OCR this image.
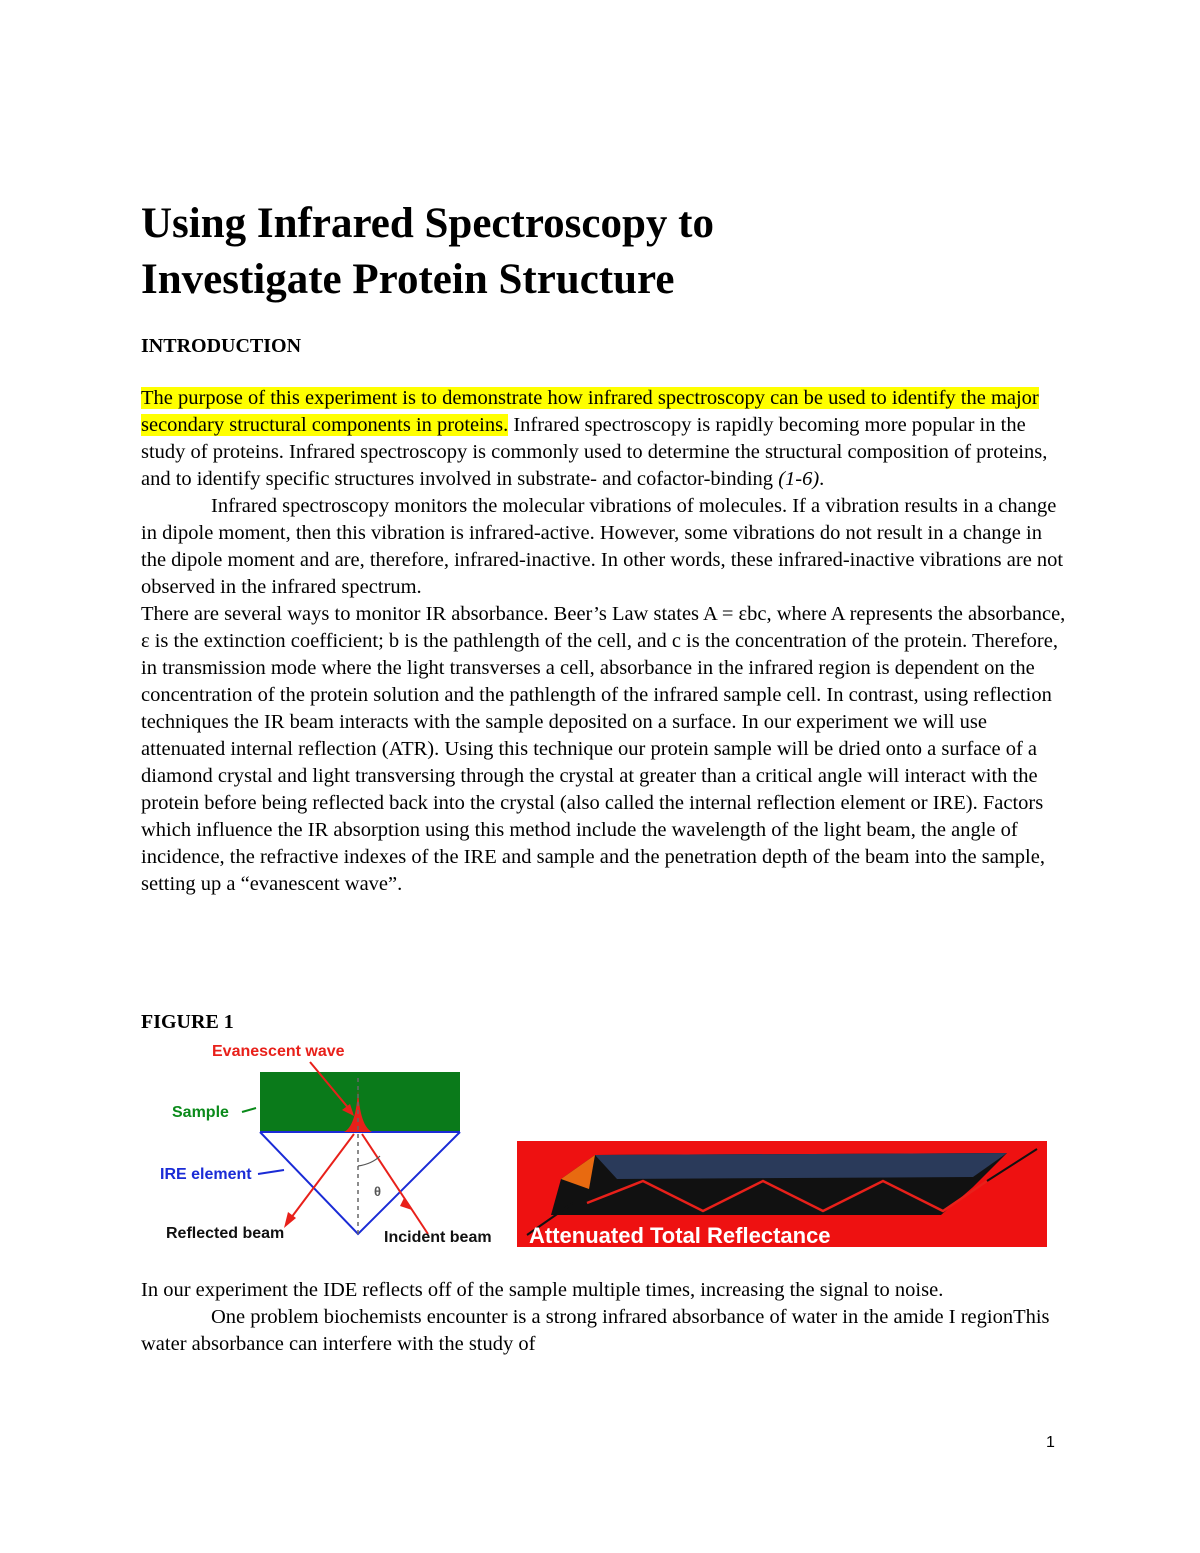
Using Infrared Spectroscopy to
Investigate Protein Structure
INTRODUCTION

The purpose of this experiment is to demonstrate how infrared spectroscopy can be used to identify the major secondary structural components in proteins. Infrared spectroscopy is rapidly becoming more popular in the study of proteins. Infrared spectroscopy is commonly used to determine the structural composition of proteins, and to identify specific structures involved in substrate- and cofactor-binding (1-6).

Infrared spectroscopy monitors the molecular vibrations of molecules. If a vibration results in a change in dipole moment, then this vibration is infrared-active. However, some vibrations do not result in a change in the dipole moment and are, therefore, infrared-inactive. In other words, these infrared-inactive vibrations are not observed in the infrared spectrum.

There are several ways to monitor IR absorbance. Beer’s Law states A = εbc, where A represents the absorbance, ε is the extinction coefficient; b is the pathlength of the cell, and c is the concentration of the protein. Therefore, in transmission mode where the light transverses a cell, absorbance in the infrared region is dependent on the concentration of the protein solution and the pathlength of the infrared sample cell. In contrast, using reflection techniques the IR beam interacts with the sample deposited on a surface. In our experiment we will use attenuated internal reflection (ATR). Using this technique our protein sample will be dried onto a surface of a diamond crystal and light transversing through the crystal at greater than a critical angle will interact with the protein before being reflected back into the crystal (also called the internal reflection element or IRE). Factors which influence the IR absorption using this method include the wavelength of the light beam, the angle of incidence, the refractive indexes of the IRE and sample and the penetration depth of the beam into the sample, setting up a “evanescent wave”.

FIGURE 1
θ
Evanescent wave
Sample
IRE element
Reflected beam	Incident beam Attenuated Total Reflectance

In our experiment the IDE reflects off of the sample multiple times, increasing the signal to noise.

One problem biochemists encounter is a strong infrared absorbance of water in the amide I regionThis water absorbance can interfere with the study of

1
